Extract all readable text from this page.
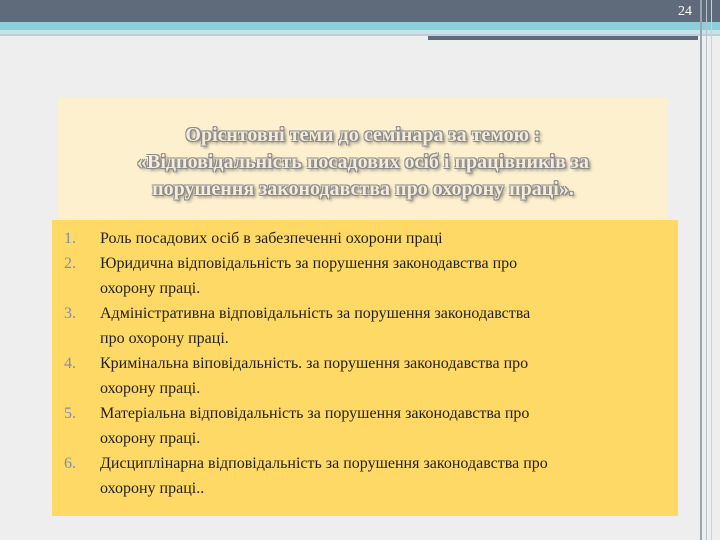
24
Орієнтовні теми до семінара за темою :
«Відповідальність посадових осіб і працівників за
порушення законодавства про охорону праці».
1.	Роль посадових осіб в забезпеченні охорони праці
2.	Юридична відповідальність за порушення законодавства про
охорону праці.
3.	Адміністративна відповідальність за порушення законодавства
про охорону праці.
4.	Кримінальна віповідальність. за порушення законодавства про
охорону праці.
5.	Матеріальна відповідальність за порушення законодавства про
охорону праці.
6.	Дисциплінарна відповідальність за порушення законодавства про
охорону праці..
